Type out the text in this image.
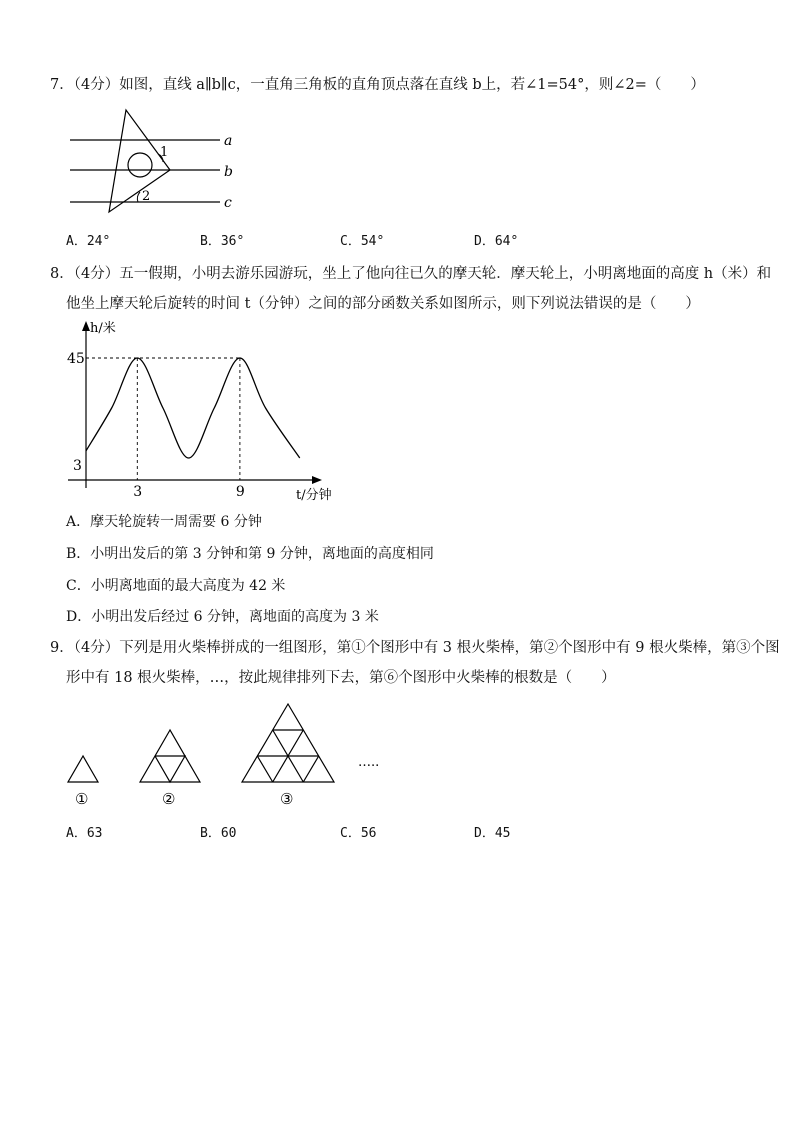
7．（4分）如图，直线 a∥b∥c，一直角三角板的直角顶点落在直线 b上，若∠1=54°，则∠2=（　　）
1
2
a
b
c
A．24°	B．36°	C．54°	D．64°
8．（4分）五一假期，小明去游乐园游玩，坐上了他向往已久的摩天轮．摩天轮上，小明离地面的高度 h（米）和
他坐上摩天轮后旋转的时间 t（分钟）之间的部分函数关系如图所示，则下列说法错误的是（　　）
h/米
t/分钟
3	9
3
45
A．摩天轮旋转一周需要 6 分钟
B．小明出发后的第 3 分钟和第 9 分钟，离地面的高度相同
C．小明离地面的最大高度为 42 米
D．小明出发后经过 6 分钟，离地面的高度为 3 米
9．（4分）下列是用火柴棒拼成的一组图形，第①个图形中有 3 根火柴棒，第②个图形中有 9 根火柴棒，第③个图
形中有 18 根火柴棒，…，按此规律排列下去，第⑥个图形中火柴棒的根数是（　　）
①	②	③
…..
A．63	B．60	C．56	D．45
